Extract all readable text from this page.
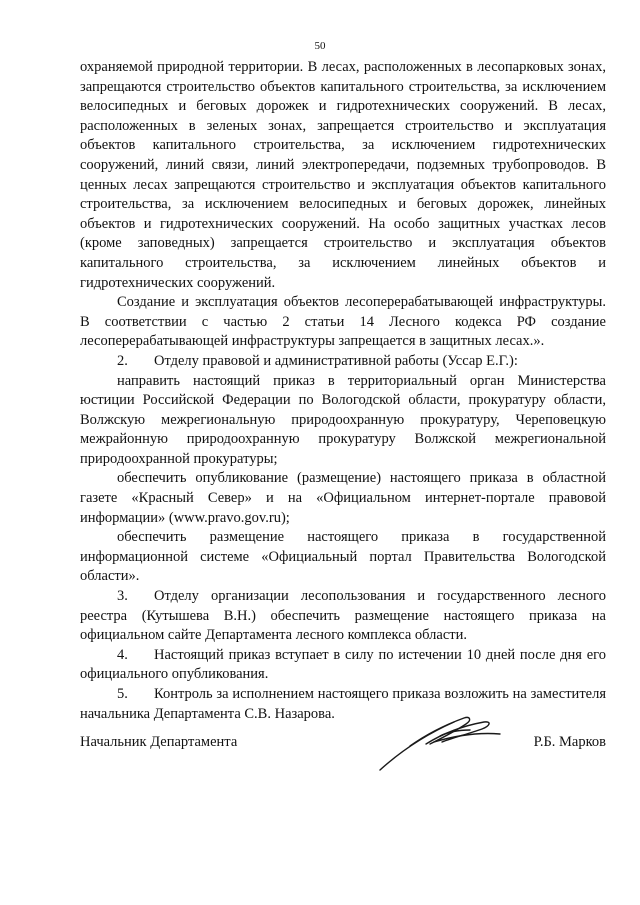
50

охраняемой природной территории. В лесах, расположенных в лесопарковых зонах, запрещаются строительство объектов капитального строительства, за исключением велосипедных и беговых дорожек и гидротехнических сооружений. В лесах, расположенных в зеленых зонах, запрещается строительство и эксплуатация объектов капитального строительства, за исключением гидротехнических сооружений, линий связи, линий электропередачи, подземных трубопроводов. В ценных лесах запрещаются строительство и эксплуатация объектов капитального строительства, за исключением велосипедных и беговых дорожек, линейных объектов и гидротехнических сооружений. На особо защитных участках лесов (кроме заповедных) запрещается строительство и эксплуатация объектов капитального строительства, за исключением линейных объектов и гидротехнических сооружений.

Создание и эксплуатация объектов лесоперерабатывающей инфраструктуры. В соответствии с частью 2 статьи 14 Лесного кодекса РФ создание лесоперерабатывающей инфраструктуры запрещается в защитных лесах.».

2. Отделу правовой и административной работы (Уссар Е.Г.):

направить настоящий приказ в территориальный орган Министерства юстиции Российской Федерации по Вологодской области, прокуратуру области, Волжскую межрегиональную природоохранную прокуратуру, Череповецкую межрайонную природоохранную прокуратуру Волжской межрегиональной природоохранной прокуратуры;

обеспечить опубликование (размещение) настоящего приказа в областной газете «Красный Север» и на «Официальном интернет-портале правовой информации» (www.pravo.gov.ru);

обеспечить размещение настоящего приказа в государственной информационной системе «Официальный портал Правительства Вологодской области».

3. Отделу организации лесопользования и государственного лесного реестра (Кутышева В.Н.) обеспечить размещение настоящего приказа на официальном сайте Департамента лесного комплекса области.

4. Настоящий приказ вступает в силу по истечении 10 дней после дня его официального опубликования.

5. Контроль за исполнением настоящего приказа возложить на заместителя начальника Департамента С.В. Назарова.

Начальник Департамента	Р.Б. Марков
